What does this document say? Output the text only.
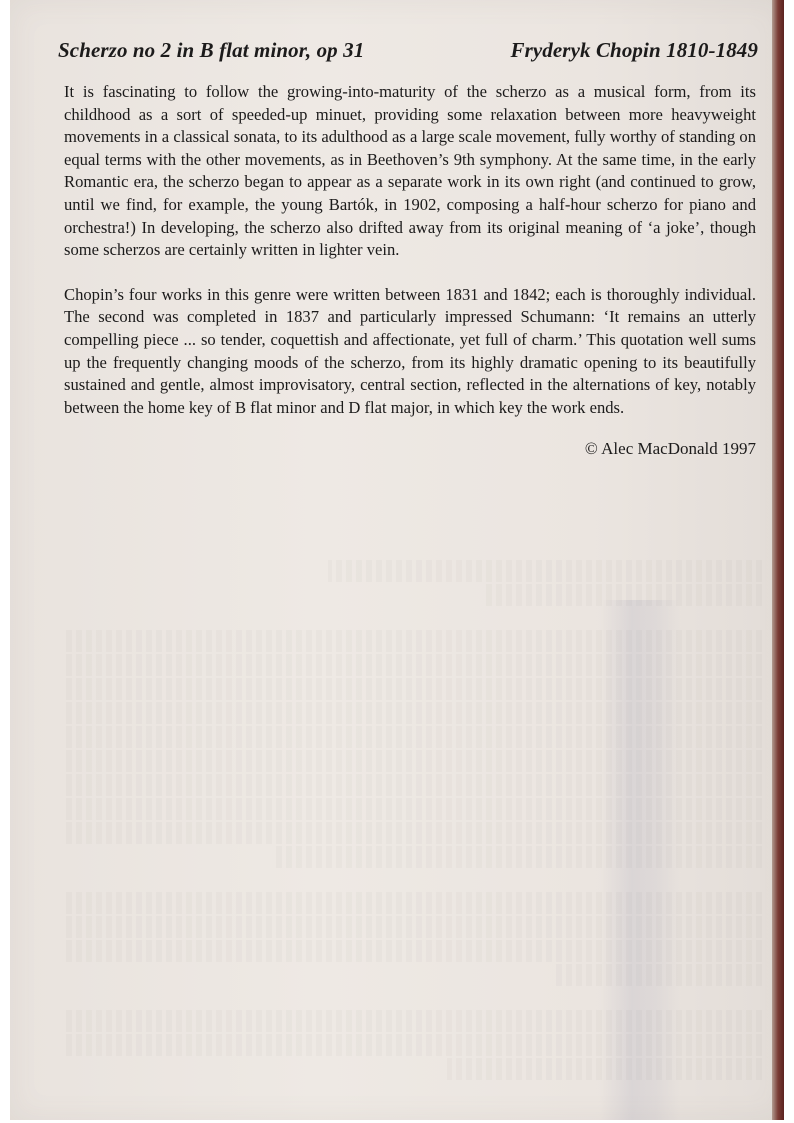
Scherzo no 2 in B flat minor, op 31	Fryderyk Chopin 1810-1849

It is fascinating to follow the growing-into-maturity of the scherzo as a musical form, from its childhood as a sort of speeded-up minuet, providing some relaxation between more heavyweight movements in a classical sonata, to its adulthood as a large scale movement, fully worthy of standing on equal terms with the other movements, as in Beethoven’s 9th symphony. At the same time, in the early Romantic era, the scherzo began to appear as a separate work in its own right (and continued to grow, until we find, for example, the young Bartók, in 1902, composing a half-hour scherzo for piano and orchestra!) In developing, the scherzo also drifted away from its original meaning of ‘a joke’, though some scherzos are certainly written in lighter vein.

Chopin’s four works in this genre were written between 1831 and 1842; each is thoroughly individual. The second was completed in 1837 and particularly impressed Schumann: ‘It remains an utterly compelling piece ... so tender, coquettish and affectionate, yet full of charm.’ This quotation well sums up the frequently changing moods of the scherzo, from its highly dramatic opening to its beautifully sustained and gentle, almost improvisatory, central section, reflected in the alternations of key, notably between the home key of B flat minor and D flat major, in which key the work ends.

© Alec MacDonald 1997
